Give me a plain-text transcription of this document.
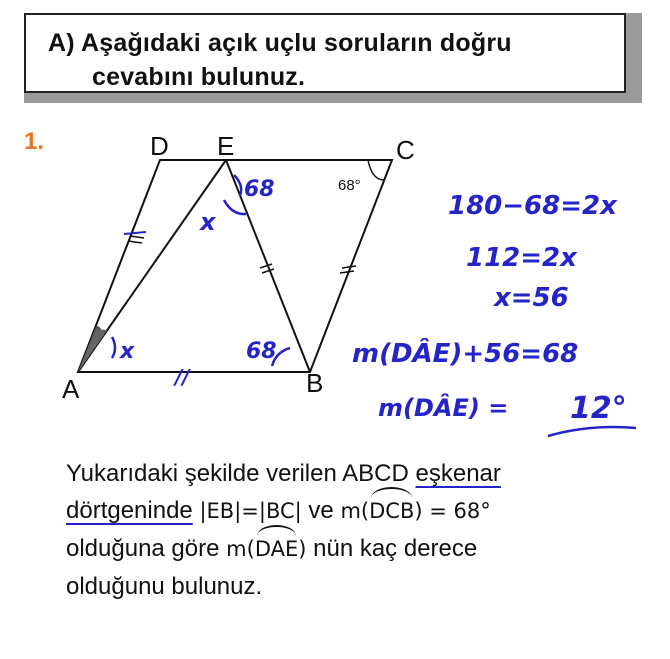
A) Aşağıdaki açık uçlu soruların doğru
cevabını bulunuz.
1.	D E	C
A	B
68°
68
x
x	68
//
180−68=2x
112=2x
x=56
m(DÂE)+56=68
m(DÂE) = 12°
Yukarıdaki şekilde verilen ABCD eşkenar
dörtgeninde |EB|=|BC| ve m(DCB) = 68°
olduğuna göre m(DAE) nün kaç derece
olduğunu bulunuz.
